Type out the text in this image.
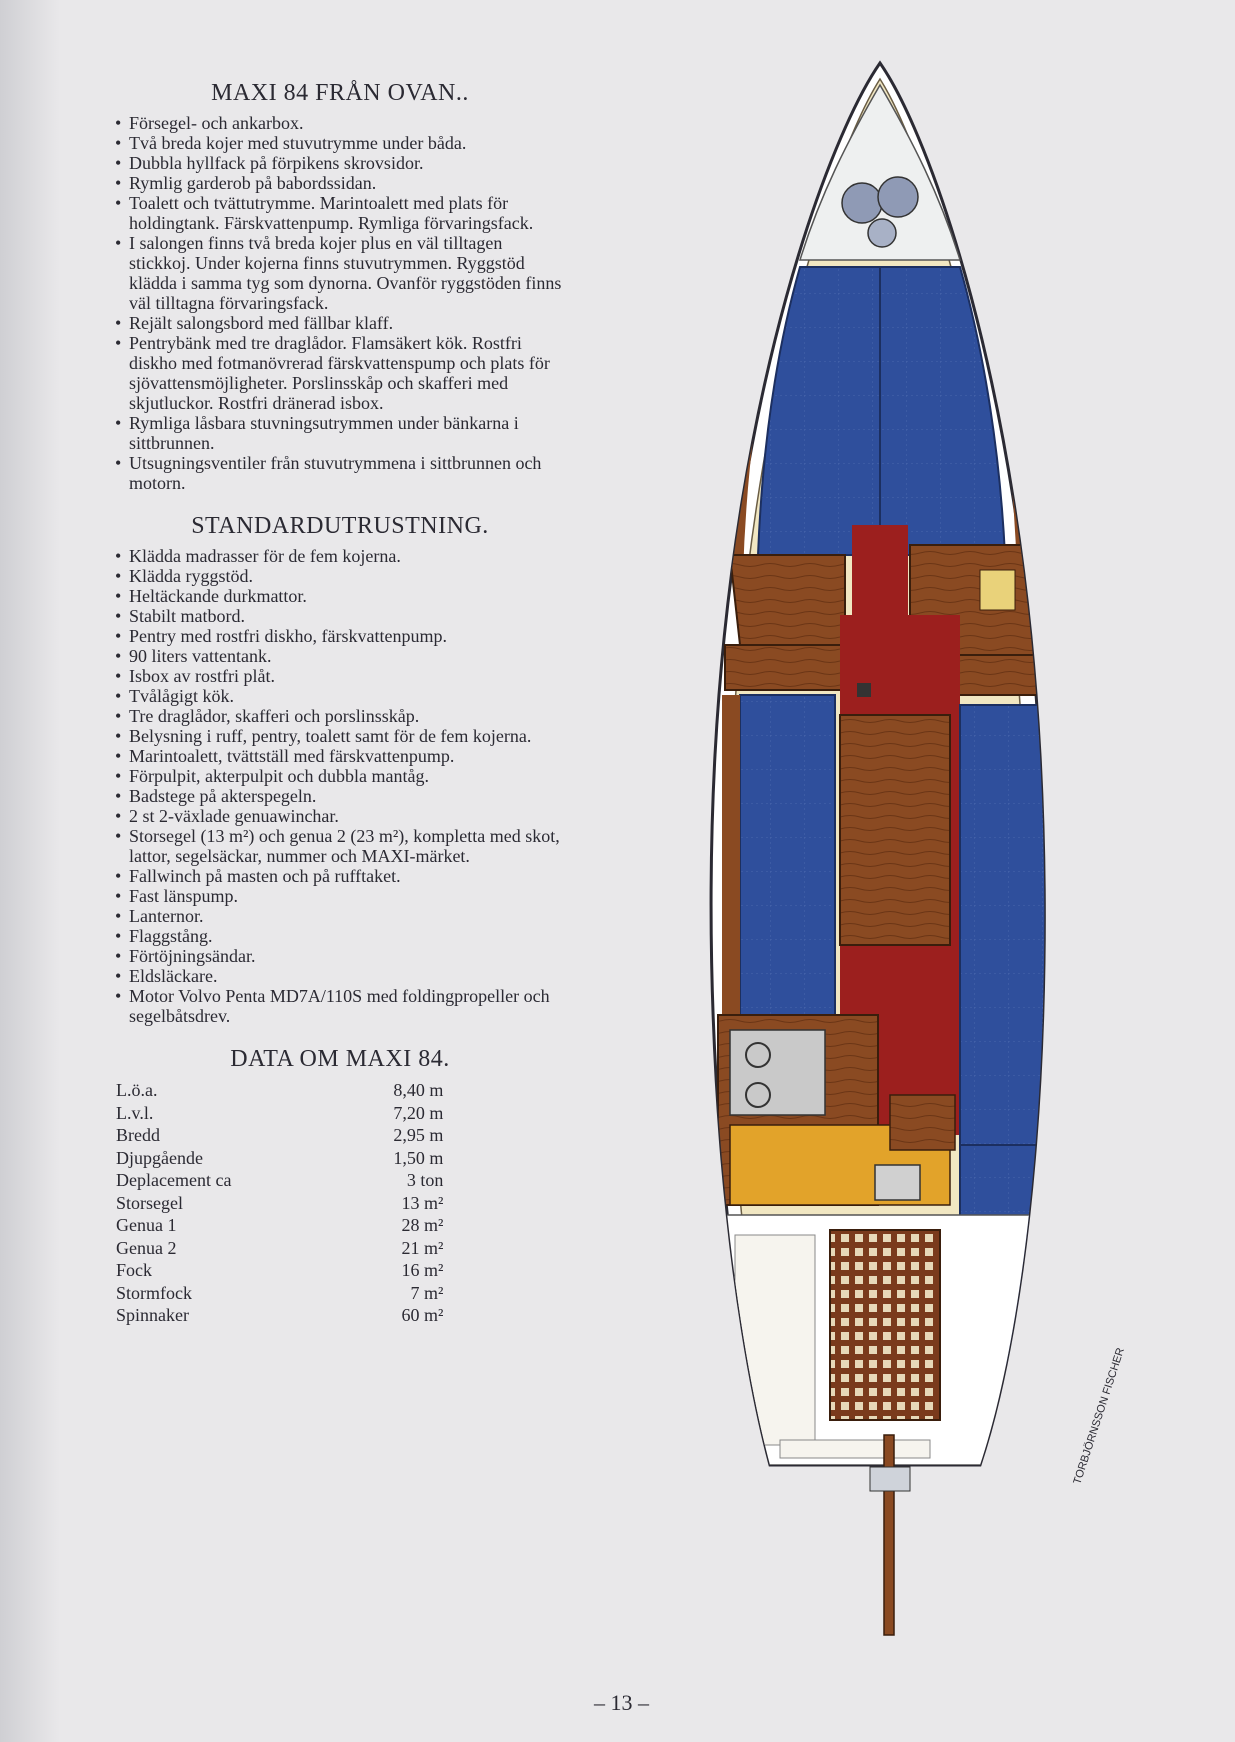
MAXI 84 FRÅN OVAN..
• Försegel- och ankarbox.
• Två breda kojer med stuvutrymme under båda.
• Dubbla hyllfack på förpikens skrovsidor.
• Rymlig garderob på babordssidan.
• Toalett och tvättutrymme. Marintoalett med plats för holdingtank. Färskvattenpump. Rymliga förvaringsfack.
• I salongen finns två breda kojer plus en väl tilltagen stickkoj. Under kojerna finns stuvutrymmen. Ryggstöd klädda i samma tyg som dynorna. Ovanför ryggstöden finns väl tilltagna förvaringsfack.
• Rejält salongsbord med fällbar klaff.
• Pentrybänk med tre draglådor. Flamsäkert kök. Rostfri diskho med fotmanövrerad färskvattenspump och plats för sjövattensmöjligheter. Porslinsskåp och skafferi med skjutluckor. Rostfri dränerad isbox.
• Rymliga låsbara stuvningsutrymmen under bänkarna i sittbrunnen.
• Utsugningsventiler från stuvutrymmena i sittbrunnen och motorn.
STANDARDUTRUSTNING.
• Klädda madrasser för de fem kojerna.
• Klädda ryggstöd.
• Heltäckande durkmattor.
• Stabilt matbord.
• Pentry med rostfri diskho, färskvattenpump.
• 90 liters vattentank.
• Isbox av rostfri plåt.
• Tvålågigt kök.
• Tre draglådor, skafferi och porslinsskåp.
• Belysning i ruff, pentry, toalett samt för de fem kojerna.
• Marintoalett, tvättställ med färskvattenpump.
• Förpulpit, akterpulpit och dubbla mantåg.
• Badstege på akterspegeln.
• 2 st 2-växlade genuawinchar.
• Storsegel (13 m²) och genua 2 (23 m²), kompletta med skot, lattor, segelsäckar, nummer och MAXI-märket.
• Fallwinch på masten och på rufftaket.
• Fast länspump.
• Lanternor.
• Flaggstång.
• Förtöjningsändar.
• Eldsläckare.
• Motor Volvo Penta MD7A/110S med foldingpropeller och segelbåtsdrev.
DATA OM MAXI 84.
L.ö.a.	8,40 m
L.v.l.	7,20 m
Bredd	2,95 m
Djupgående	1,50 m
Deplacement ca	3 ton
Storsegel	13 m²
Genua 1	28 m²
Genua 2	21 m²
Fock	16 m²
Stormfock	7 m²
Spinnaker	60 m²
TORBJÖRNSSON FISCHER
– 13 –
